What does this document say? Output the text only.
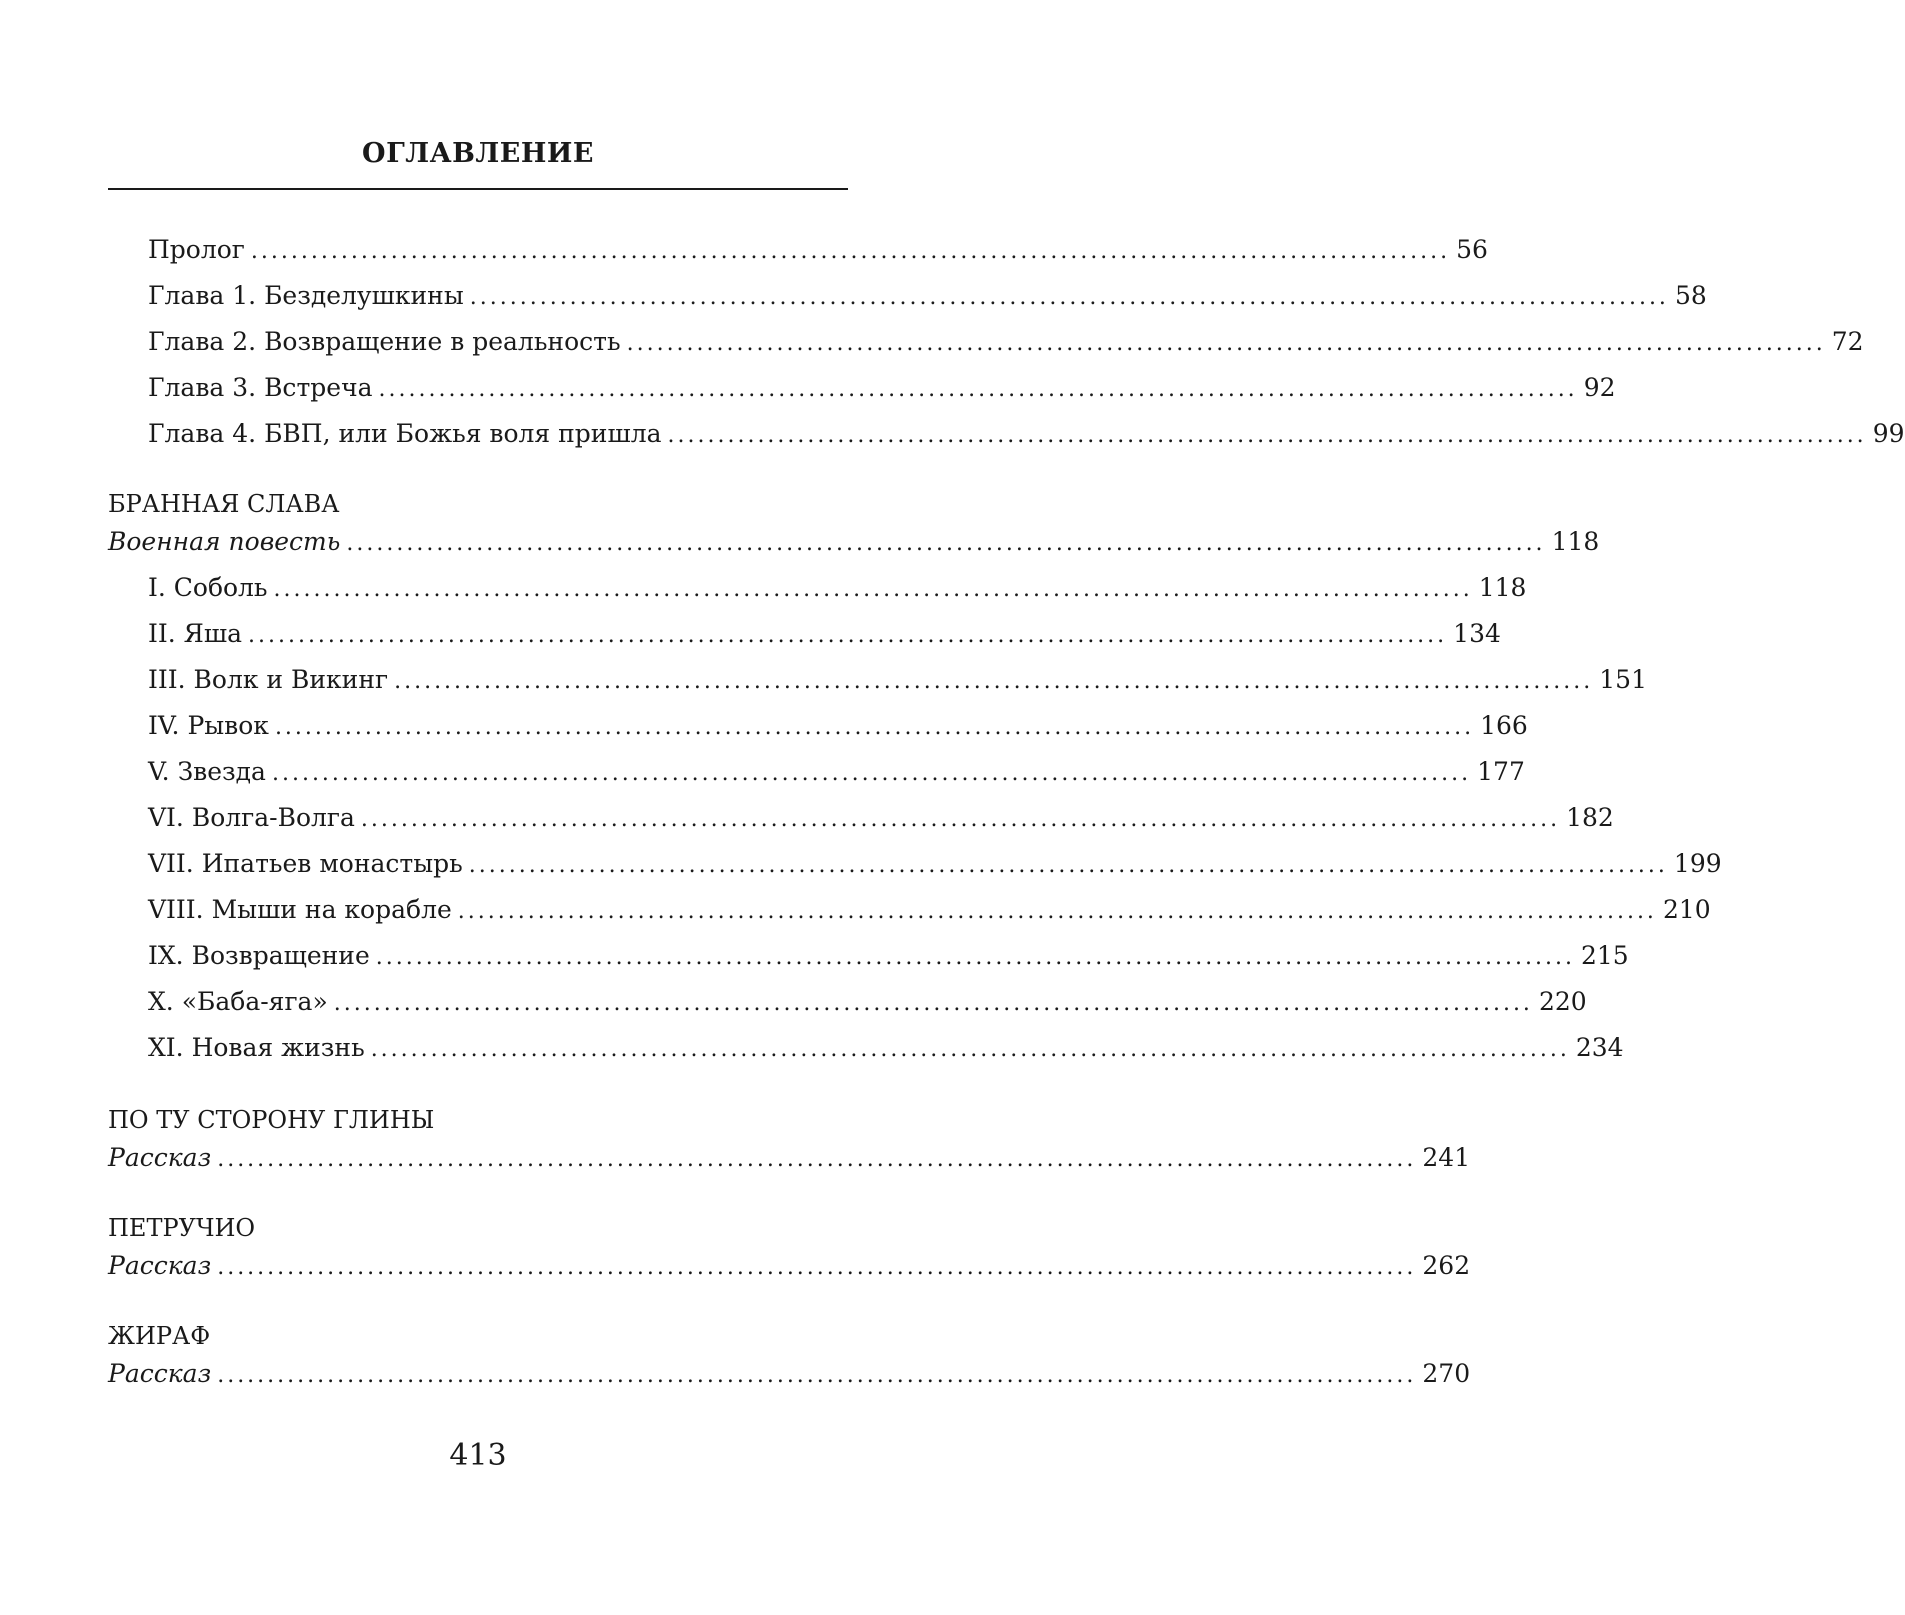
ОГЛАВЛЕНИЕ
Пролог ........................................................................................................................ 56
Глава 1. Безделушкины ........................................................................................................................ 58
Глава 2. Возвращение в реальность ........................................................................................................................ 72
Глава 3. Встреча ........................................................................................................................ 92
Глава 4. БВП, или Божья воля пришла ........................................................................................................................ 99
БРАННАЯ СЛАВА
Военная повесть ........................................................................................................................ 118
I. Соболь ........................................................................................................................ 118
II. Яша ........................................................................................................................ 134
III. Волк и Викинг ........................................................................................................................ 151
IV. Рывок ........................................................................................................................ 166
V. Звезда ........................................................................................................................ 177
VI. Волга-Волга ........................................................................................................................ 182
VII. Ипатьев монастырь ........................................................................................................................ 199
VIII. Мыши на корабле ........................................................................................................................ 210
IX. Возвращение ........................................................................................................................ 215
X. «Баба-яга» ........................................................................................................................ 220
XI. Новая жизнь ........................................................................................................................ 234
ПО ТУ СТОРОНУ ГЛИНЫ
Рассказ ........................................................................................................................ 241
ПЕТРУЧИО
Рассказ ........................................................................................................................ 262
ЖИРАФ
Рассказ ........................................................................................................................ 270
413
